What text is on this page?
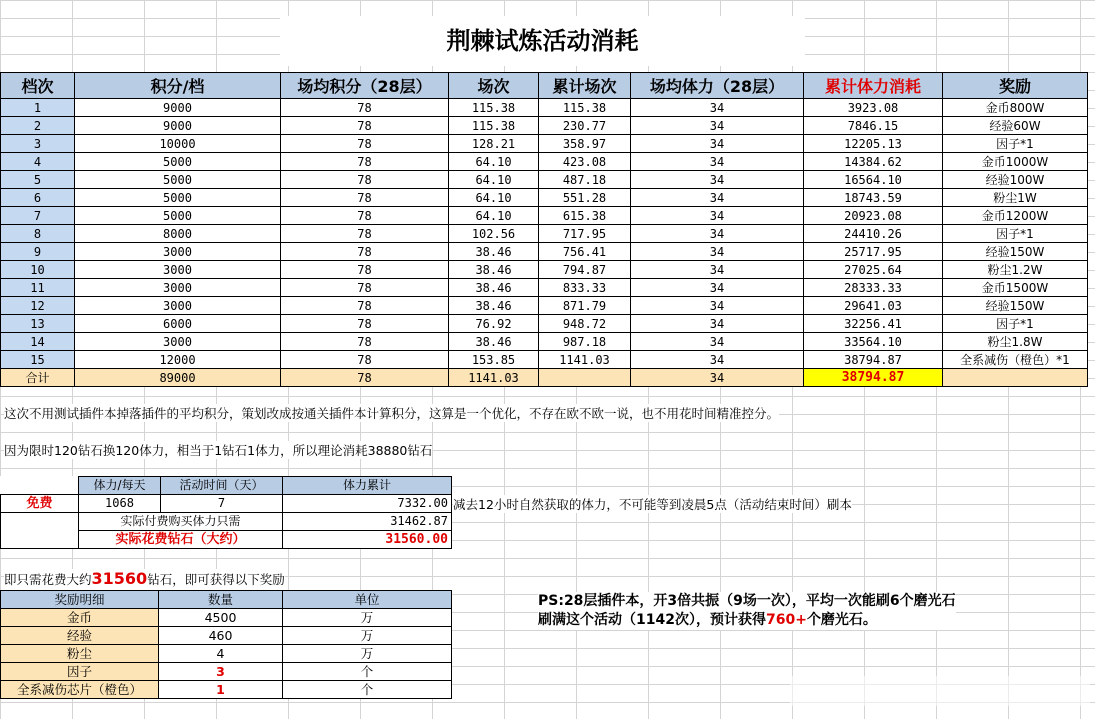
荆棘试炼活动消耗
档次	积分/档	场均积分（28层）	场次	累计场次	场均体力（28层）	累计体力消耗	奖励
1	9000	78	115.38	115.38	34	3923.08	金币800W
2	9000	78	115.38	230.77	34	7846.15	经验60W
3	10000	78	128.21	358.97	34	12205.13	因子*1
4	5000	78	64.10	423.08	34	14384.62	金币1000W
5	5000	78	64.10	487.18	34	16564.10	经验100W
6	5000	78	64.10	551.28	34	18743.59	粉尘1W
7	5000	78	64.10	615.38	34	20923.08	金币1200W
8	8000	78	102.56	717.95	34	24410.26	因子*1
9	3000	78	38.46	756.41	34	25717.95	经验150W
10	3000	78	38.46	794.87	34	27025.64	粉尘1.2W
11	3000	78	38.46	833.33	34	28333.33	金币1500W
12	3000	78	38.46	871.79	34	29641.03	经验150W
13	6000	78	76.92	948.72	34	32256.41	因子*1
14	3000	78	38.46	987.18	34	33564.10	粉尘1.8W
15	12000	78	153.85	1141.03	34	38794.87	全系减伤（橙色）*1
合计	89000	78	1141.03		34	38794.87	
这次不用测试插件本掉落插件的平均积分，策划改成按通关插件本计算积分，这算是一个优化，不存在欧不欧一说，也不用花时间精准控分。
因为限时120钻石换120体力，相当于1钻石1体力，所以理论消耗38880钻石
	体力/每天	活动时间（天）	体力累计
免费	1068	7	7332.00
	实际付费购买体力只需		31462.87
	实际花费钻石（大约）		31560.00
减去12小时自然获取的体力，不可能等到凌晨5点（活动结束时间）刷本
即只需花费大约31560钻石，即可获得以下奖励
奖励明细	数量	单位
金币	4500	万
经验	460	万
粉尘	4	万
因子	3	个
全系减伤芯片（橙色）	1	个
PS:28层插件本，开3倍共振（9场一次），平均一次能刷6个磨光石
刷满这个活动（1142次），预计获得760+个磨光石。
